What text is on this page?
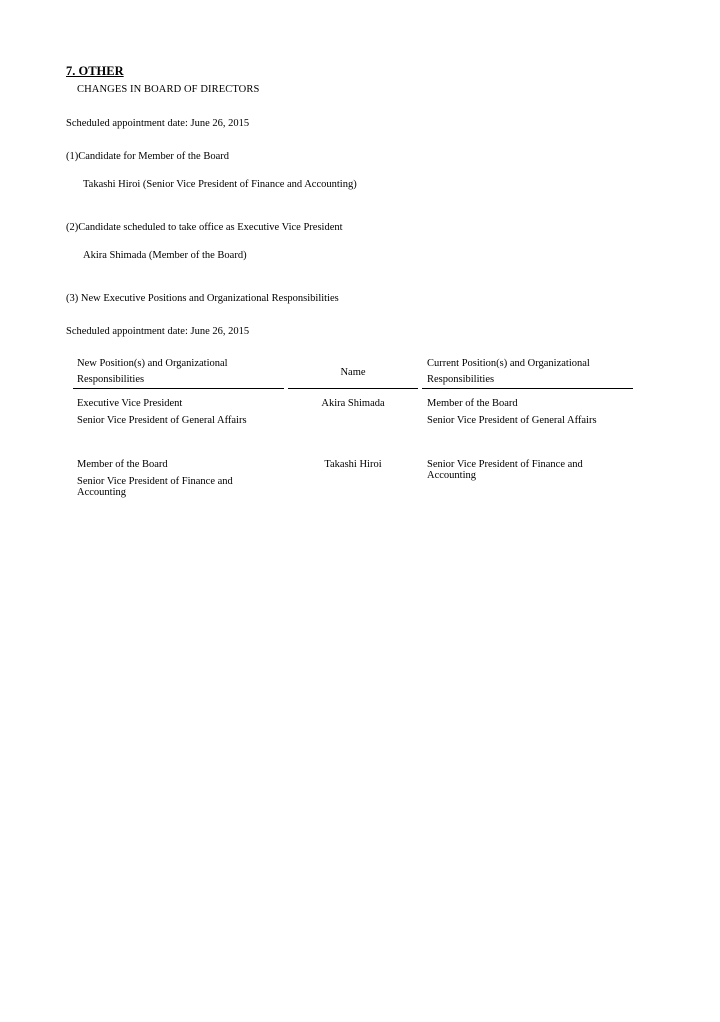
7. OTHER
CHANGES IN BOARD OF DIRECTORS
Scheduled appointment date: June 26, 2015
(1)Candidate for Member of the Board
Takashi Hiroi (Senior Vice President of Finance and Accounting)
(2)Candidate scheduled to take office as Executive Vice President
Akira Shimada (Member of the Board)
(3) New Executive Positions and Organizational Responsibilities
Scheduled appointment date: June 26, 2015
New Position(s) and Organizational Responsibilities
Name
Current Position(s) and Organizational Responsibilities
Executive Vice President
Senior Vice President of General Affairs
Akira Shimada	Member of the Board
Senior Vice President of General Affairs
Member of the Board
Senior Vice President of Finance and Accounting
Takashi Hiroi	Senior Vice President of Finance and Accounting
